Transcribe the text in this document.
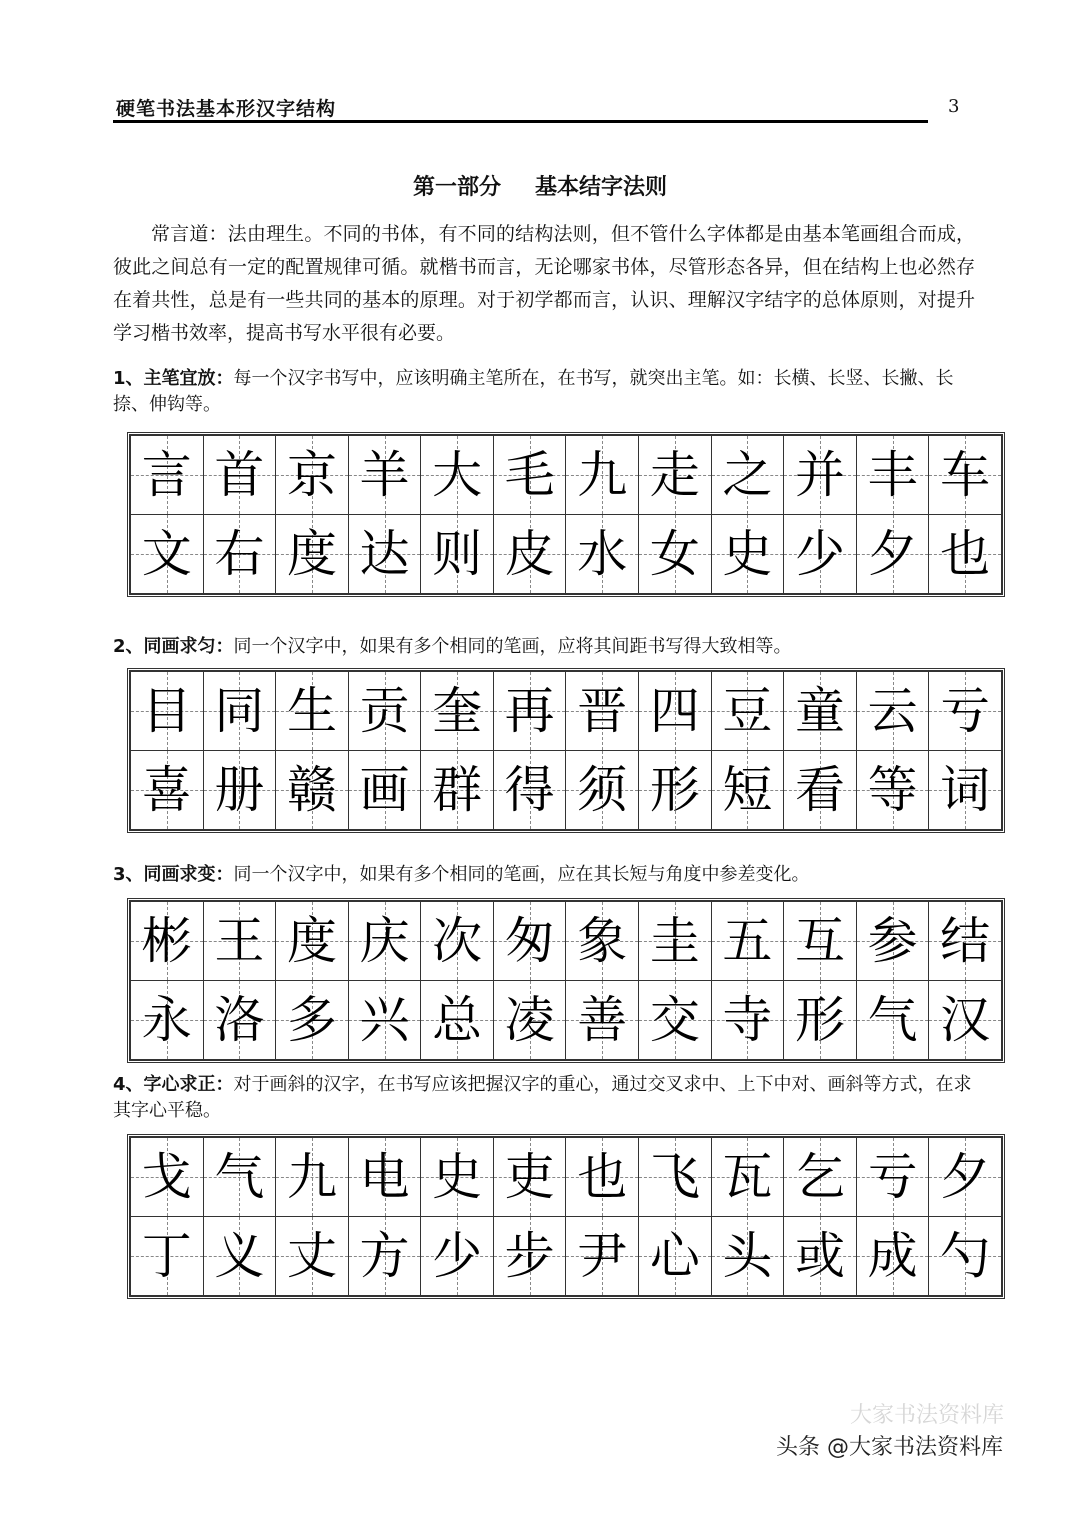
硬笔书法基本形汉字结构	3
第一部分 基本结字法则

常言道：法由理生。不同的书体，有不同的结构法则，但不管什么字体都是由基本笔画组合而成，彼此之间总有一定的配置规律可循。就楷书而言，无论哪家书体，尽管形态各异，但在结构上也必然存在着共性，总是有一些共同的基本的原理。对于初学都而言，认识、理解汉字结字的总体原则，对提升学习楷书效率，提高书写水平很有必要。

1、主笔宜放：每一个汉字书写中，应该明确主笔所在，在书写，就突出主笔。如：长横、长竖、长撇、长捺、伸钩等。
言 首 京 羊 大 毛 九 走 之 并 丰 车
文 右 度 达 则 皮 水 女 史 少 夕 也
2、同画求匀：同一个汉字中，如果有多个相同的笔画，应将其间距书写得大致相等。
目 同 生 贡 奎 再 晋 四 豆 童 云 亏
喜 册 赣 画 群 得 须 形 短 看 等 词
3、同画求变：同一个汉字中，如果有多个相同的笔画，应在其长短与角度中参差变化。
彬 王 度 庆 次 匆 象 圭 五 互 参 结
永 洛 多 兴 总 凌 善 交 寺 形 气 汉
4、字心求正：对于画斜的汉字，在书写应该把握汉字的重心，通过交叉求中、上下中对、画斜等方式，在求其字心平稳。
戈 气 九 电 史 吏 也 飞 瓦 乞 亏 夕
丁 义 丈 方 少 步 尹 心 头 或 成 勺
大家书法资料库
头条 @大家书法资料库
